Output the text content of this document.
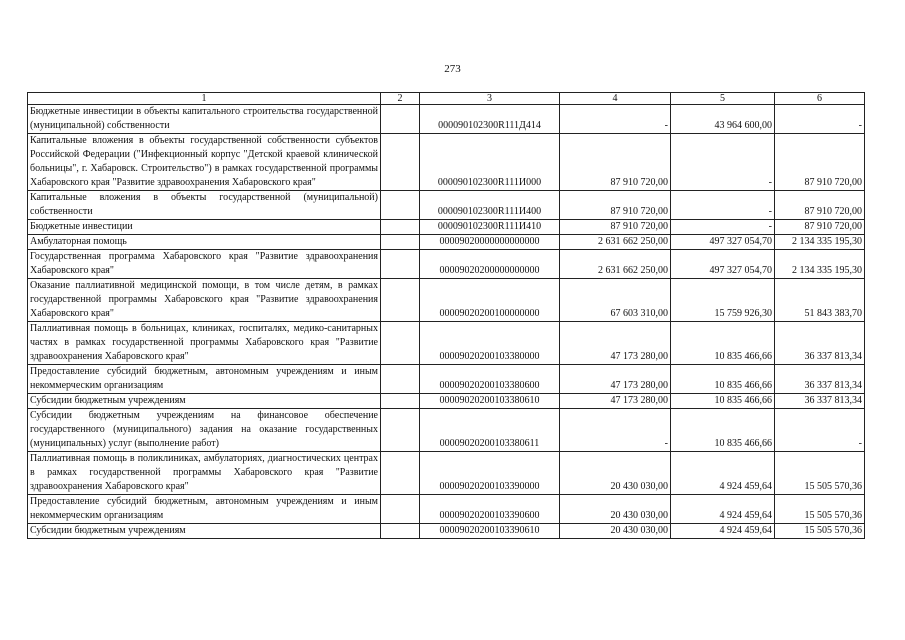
273
1	2	3	4	5	6
Бюджетные инвестиции в объекты капитального строительства государственной (муниципальной) собственности		000090102300R111Д414	-	43 964 600,00	-
Капитальные вложения в объекты государственной собственности субъектов Российской Федерации ("Инфекционный корпус "Детской краевой клинической больницы", г. Хабаровск. Строительство") в рамках государственной программы Хабаровского края "Развитие здравоохранения Хабаровского края"		000090102300R111И000	87 910 720,00	-	87 910 720,00
Капитальные вложения в объекты государственной (муниципальной) собственности		000090102300R111И400	87 910 720,00	-	87 910 720,00
Бюджетные инвестиции		000090102300R111И410	87 910 720,00	-	87 910 720,00
Амбулаторная помощь		00009020000000000000	2 631 662 250,00	497 327 054,70	2 134 335 195,30
Государственная программа Хабаровского края "Развитие здравоохранения Хабаровского края"		00009020200000000000	2 631 662 250,00	497 327 054,70	2 134 335 195,30
Оказание паллиативной медицинской помощи, в том числе детям, в рамках государственной программы Хабаровского края "Развитие здравоохранения Хабаровского края"		00009020200100000000	67 603 310,00	15 759 926,30	51 843 383,70
Паллиативная помощь в больницах, клиниках, госпиталях, медико-санитарных частях в рамках государственной программы Хабаровского края "Развитие здравоохранения Хабаровского края"		00009020200103380000	47 173 280,00	10 835 466,66	36 337 813,34
Предоставление субсидий бюджетным, автономным учреждениям и иным некоммерческим организациям		00009020200103380600	47 173 280,00	10 835 466,66	36 337 813,34
Субсидии бюджетным учреждениям		00009020200103380610	47 173 280,00	10 835 466,66	36 337 813,34
Субсидии бюджетным учреждениям на финансовое обеспечение государственного (муниципального) задания на оказание государственных (муниципальных) услуг (выполнение работ)		00009020200103380611	-	10 835 466,66	-
Паллиативная помощь в поликлиниках, амбулаториях, диагностических центрах в рамках государственной программы Хабаровского края "Развитие здравоохранения Хабаровского края"		00009020200103390000	20 430 030,00	4 924 459,64	15 505 570,36
Предоставление субсидий бюджетным, автономным учреждениям и иным некоммерческим организациям		00009020200103390600	20 430 030,00	4 924 459,64	15 505 570,36
Субсидии бюджетным учреждениям		00009020200103390610	20 430 030,00	4 924 459,64	15 505 570,36
